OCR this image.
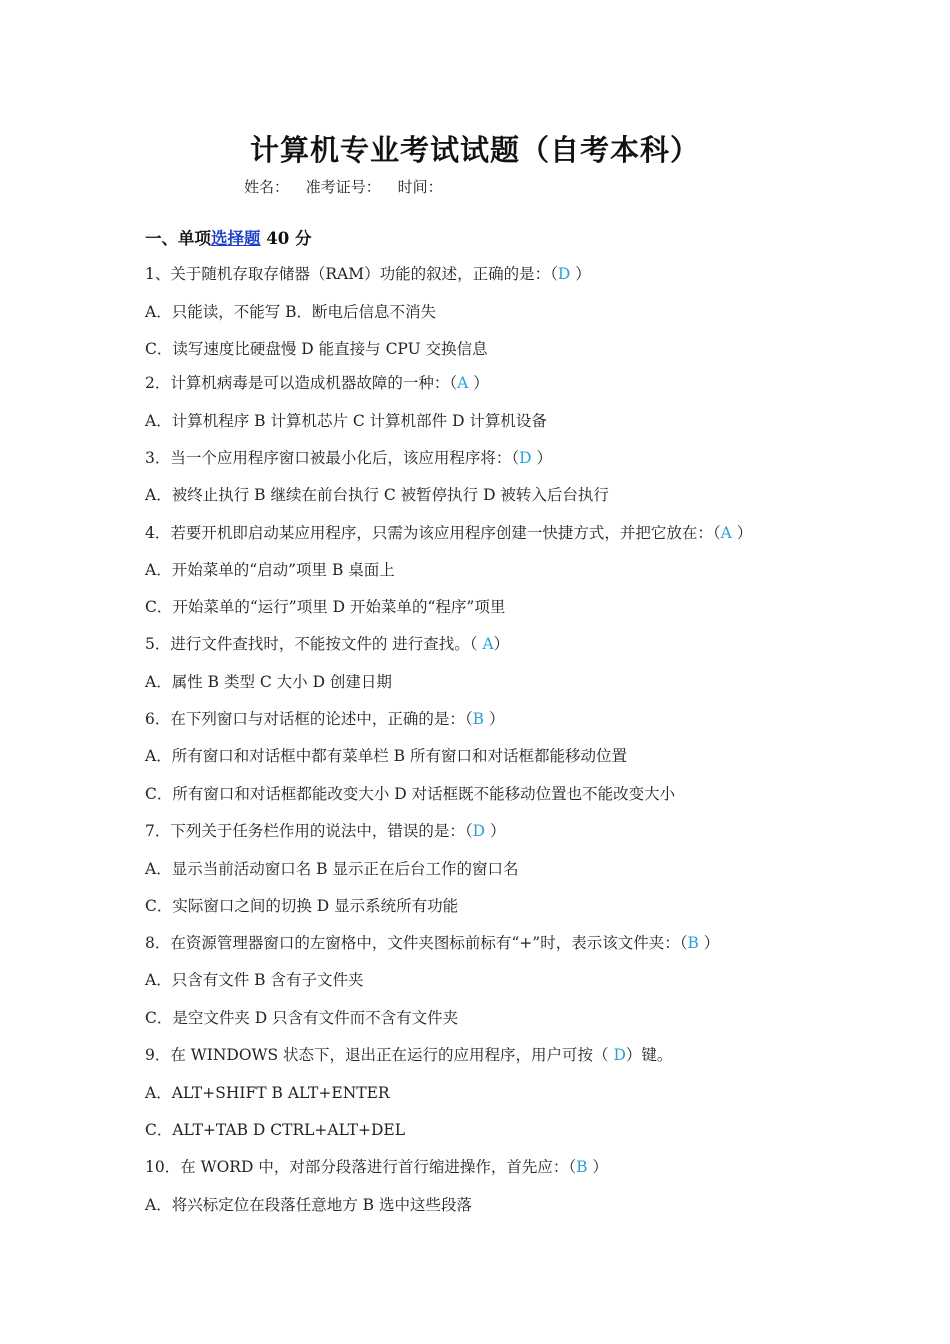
计算机专业考试试题（自考本科）
姓名： 准考证号： 时间：
一、单项选择题 40 分
1、关于随机存取存储器（RAM）功能的叙述，正确的是：（D ）
A．只能读，不能写 B．断电后信息不消失
C．读写速度比硬盘慢 D 能直接与 CPU 交换信息
2．计算机病毒是可以造成机器故障的一种：（A ）
A．计算机程序 B 计算机芯片 C 计算机部件 D 计算机设备
3．当一个应用程序窗口被最小化后，该应用程序将：（D ）
A．被终止执行 B 继续在前台执行 C 被暂停执行 D 被转入后台执行
4．若要开机即启动某应用程序，只需为该应用程序创建一快捷方式，并把它放在：（A ）
A．开始菜单的“启动”项里 B 桌面上
C．开始菜单的“运行”项里 D 开始菜单的“程序”项里
5．进行文件查找时，不能按文件的 进行查找。（ A）
A．属性 B 类型 C 大小 D 创建日期
6．在下列窗口与对话框的论述中，正确的是：（B ）
A．所有窗口和对话框中都有菜单栏 B 所有窗口和对话框都能移动位置
C．所有窗口和对话框都能改变大小 D 对话框既不能移动位置也不能改变大小
7．下列关于任务栏作用的说法中，错误的是：（D ）
A．显示当前活动窗口名 B 显示正在后台工作的窗口名
C．实际窗口之间的切换 D 显示系统所有功能
8．在资源管理器窗口的左窗格中，文件夹图标前标有“+”时，表示该文件夹：（B ）
A．只含有文件 B 含有子文件夹
C．是空文件夹 D 只含有文件而不含有文件夹
9．在 WINDOWS 状态下，退出正在运行的应用程序，用户可按（ D）键。
A．ALT+SHIFT B ALT+ENTER
C．ALT+TAB D CTRL+ALT+DEL
10．在 WORD 中，对部分段落进行首行缩进操作，首先应：（B ）
A．将兴标定位在段落任意地方 B 选中这些段落
